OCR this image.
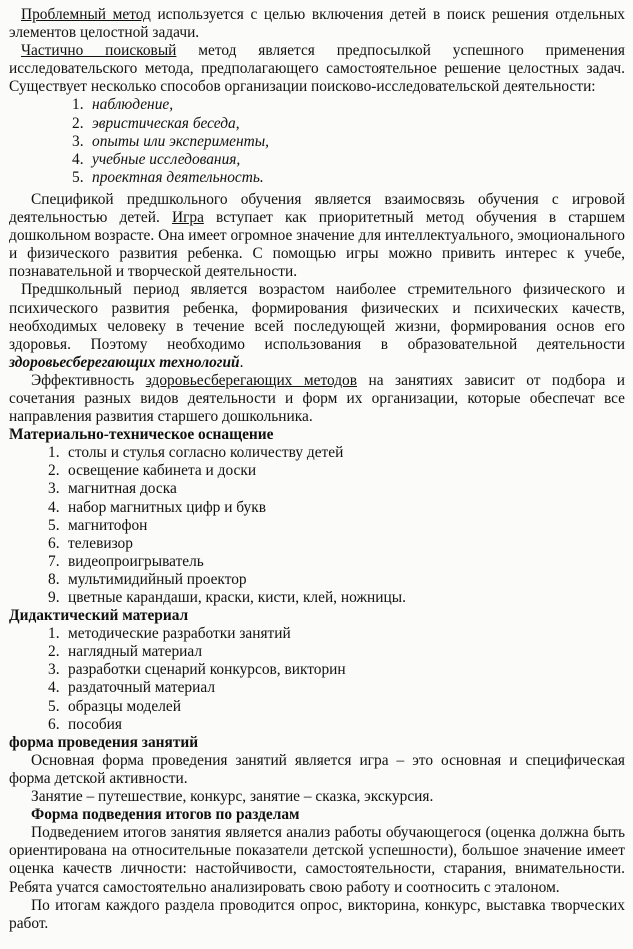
Проблемный метод используется с целью включения детей в поиск решения отдельных элементов целостной задачи.

Частично поисковый метод является предпосылкой успешного применения исследовательского метода, предполагающего самостоятельное решение целостных задач. Существует несколько способов организации поисково-исследовательской деятельности:

1. наблюдение,
2. эвристическая беседа,
3. опыты или эксперименты,
4. учебные исследования,
5. проектная деятельность.

Спецификой предшкольного обучения является взаимосвязь обучения с игровой деятельностью детей. Игра вступает как приоритетный метод обучения в старшем дошкольном возрасте. Она имеет огромное значение для интеллектуального, эмоционального и физического развития ребенка. С помощью игры можно привить интерес к учебе, познавательной и творческой деятельности.

Предшкольный период является возрастом наиболее стремительного физического и психического развития ребенка, формирования физических и психических качеств, необходимых человеку в течение всей последующей жизни, формирования основ его здоровья. Поэтому необходимо использования в образовательной деятельности здоровьесберегающих технологий.

Эффективность здоровьесберегающих методов на занятиях зависит от подбора и сочетания разных видов деятельности и форм их организации, которые обеспечат все направления развития старшего дошкольника.

Материально-техническое оснащение
1. столы и стулья согласно количеству детей
2. освещение кабинета и доски
3. магнитная доска
4. набор магнитных цифр и букв
5. магнитофон
6. телевизор
7. видеопроигрыватель
8. мультимидийный проектор
9. цветные карандаши, краски, кисти, клей, ножницы.
Дидактический материал
1. методические разработки занятий
2. наглядный материал
3. разработки сценарий конкурсов, викторин
4. раздаточный материал
5. образцы моделей
6. пособия
форма проведения занятий

Основная форма проведения занятий является игра – это основная и специфическая форма детской активности.

Занятие – путешествие, конкурс, занятие – сказка, экскурсия.

Форма подведения итогов по разделам

Подведением итогов занятия является анализ работы обучающегося (оценка должна быть ориентирована на относительные показатели детской успешности), большое значение имеет оценка качеств личности: настойчивости, самостоятельности, старания, внимательности. Ребята учатся самостоятельно анализировать свою работу и соотносить с эталоном.

По итогам каждого раздела проводится опрос, викторина, конкурс, выставка творческих работ.
